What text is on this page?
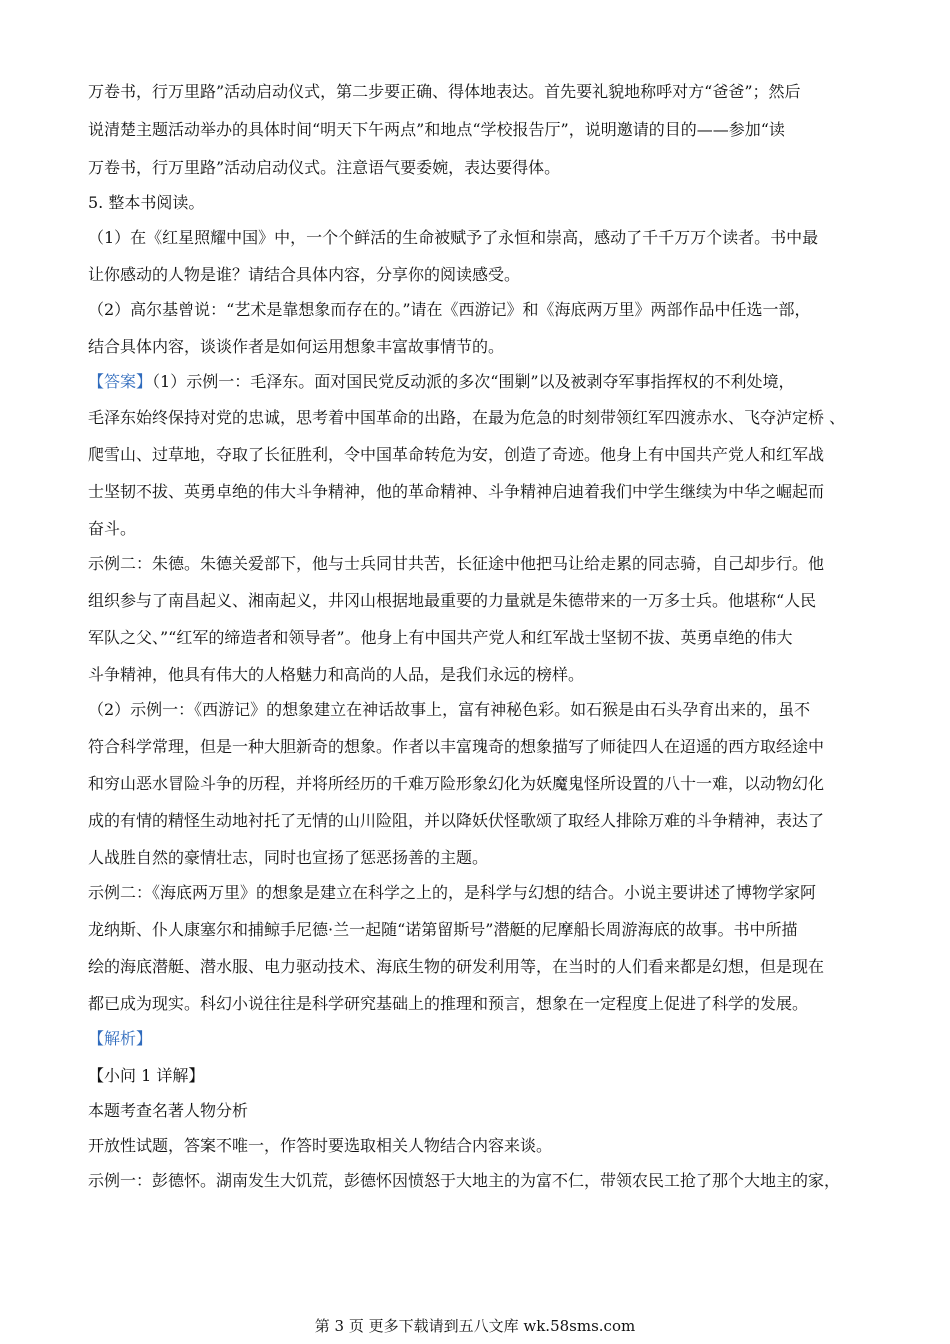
万卷书，行万里路”活动启动仪式，第二步要正确、得体地表达。首先要礼貌地称呼对方“爸爸”；然后
说清楚主题活动举办的具体时间“明天下午两点”和地点“学校报告厅”，说明邀请的目的——参加“读
万卷书，行万里路”活动启动仪式。注意语气要委婉，表达要得体。
5. 整本书阅读。
（1）在《红星照耀中国》中，一个个鲜活的生命被赋予了永恒和崇高，感动了千千万万个读者。书中最
让你感动的人物是谁？请结合具体内容，分享你的阅读感受。
（2）高尔基曾说：“艺术是靠想象而存在的。”请在《西游记》和《海底两万里》两部作品中任选一部，
结合具体内容，谈谈作者是如何运用想象丰富故事情节的。
【答案】（1）示例一：毛泽东。面对国民党反动派的多次“围剿”以及被剥夺军事指挥权的不利处境，
毛泽东始终保持对党的忠诚，思考着中国革命的出路，在最为危急的时刻带领红军四渡赤水、飞夺泸定桥 、
爬雪山、过草地，夺取了长征胜利，令中国革命转危为安，创造了奇迹。他身上有中国共产党人和红军战
士坚韧不拔、英勇卓绝的伟大斗争精神，他的革命精神、斗争精神启迪着我们中学生继续为中华之崛起而
奋斗。
示例二：朱德。朱德关爱部下，他与士兵同甘共苦，长征途中他把马让给走累的同志骑，自己却步行。他
组织参与了南昌起义、湘南起义，井冈山根据地最重要的力量就是朱德带来的一万多士兵。他堪称“人民
军队之父、”“红军的缔造者和领导者”。他身上有中国共产党人和红军战士坚韧不拔、英勇卓绝的伟大
斗争精神，他具有伟大的人格魅力和高尚的人品，是我们永远的榜样。
（2）示例一：《西游记》的想象建立在神话故事上，富有神秘色彩。如石猴是由石头孕育出来的，虽不
符合科学常理，但是一种大胆新奇的想象。作者以丰富瑰奇的想象描写了师徒四人在迢遥的西方取经途中
和穷山恶水冒险斗争的历程，并将所经历的千难万险形象幻化为妖魔鬼怪所设置的八十一难，以动物幻化
成的有情的精怪生动地衬托了无情的山川险阻，并以降妖伏怪歌颂了取经人排除万难的斗争精神，表达了
人战胜自然的豪情壮志，同时也宣扬了惩恶扬善的主题。
示例二：《海底两万里》的想象是建立在科学之上的，是科学与幻想的结合。小说主要讲述了博物学家阿
龙纳斯、仆人康塞尔和捕鲸手尼德·兰一起随“诺第留斯号”潜艇的尼摩船长周游海底的故事。书中所描
绘的海底潜艇、潜水服、电力驱动技术、海底生物的研发利用等，在当时的人们看来都是幻想，但是现在
都已成为现实。科幻小说往往是科学研究基础上的推理和预言，想象在一定程度上促进了科学的发展。
【解析】
【小问 1 详解】
本题考查名著人物分析
开放性试题，答案不唯一，作答时要选取相关人物结合内容来谈。
示例一：彭德怀。湖南发生大饥荒，彭德怀因愤怒于大地主的为富不仁，带领农民工抢了那个大地主的家，
第 3 页 更多下载请到五八文库 wk.58sms.com
